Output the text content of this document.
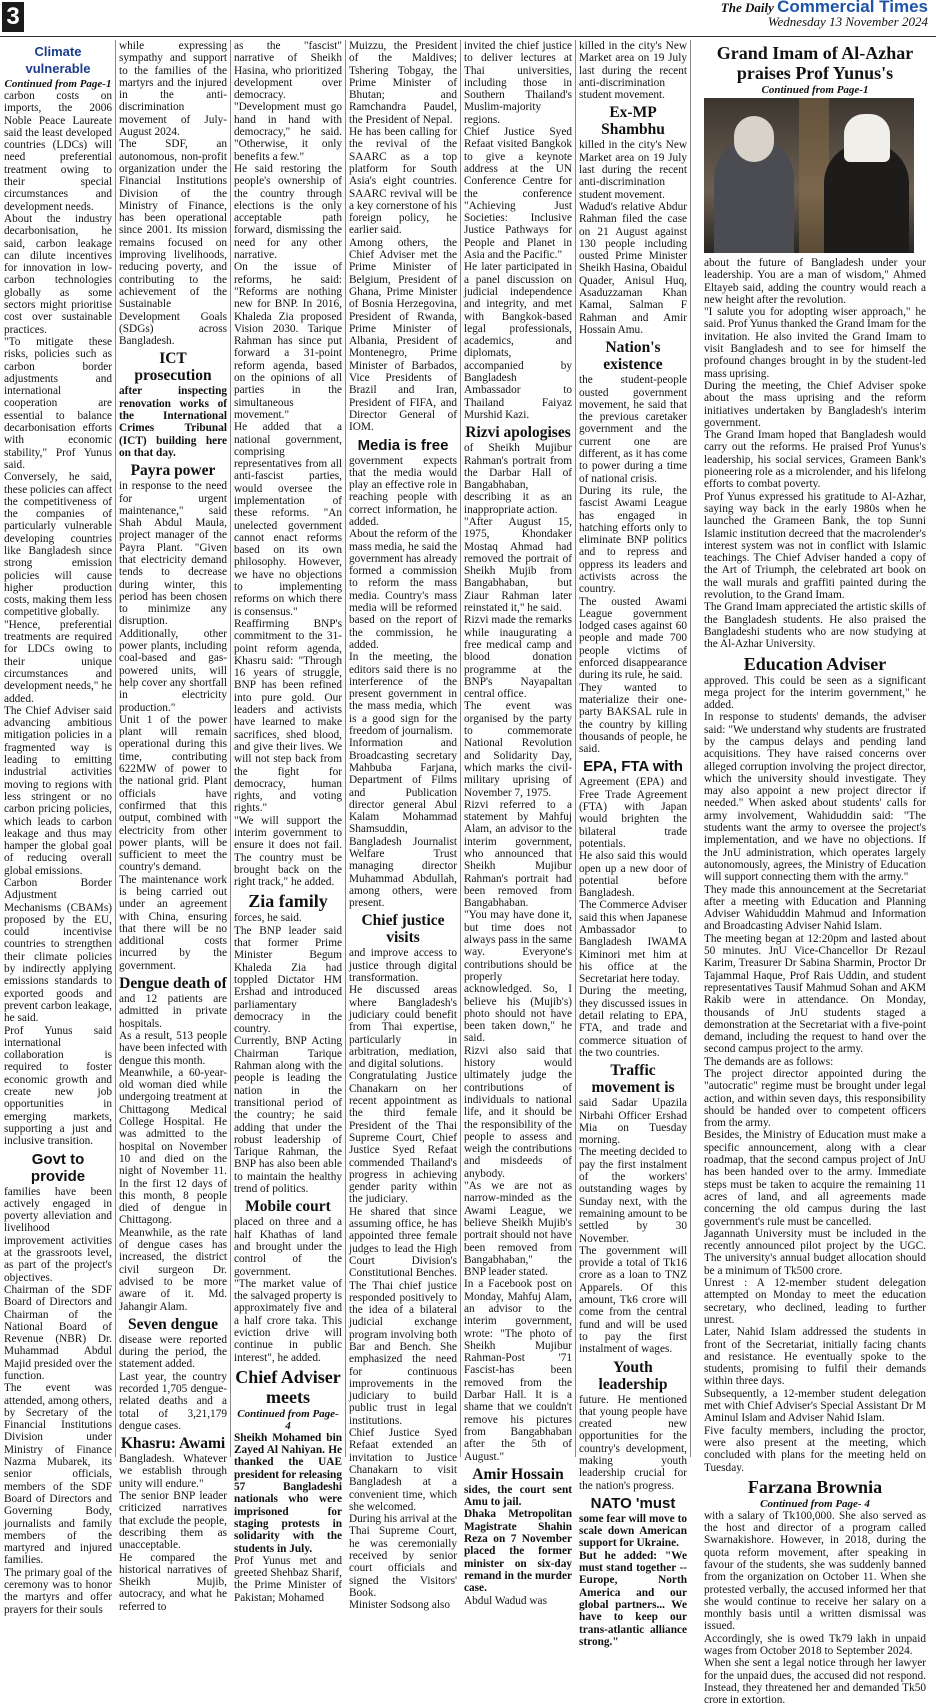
3	The Daily Commercial Times
Wednesday 13 November 2024
Climate vulnerable
Continued from Page-1

carbon costs on imports, the 2006 Noble Peace Laureate said the least developed countries (LDCs) will need preferential treatment owing to their special circumstances and development needs.

About the industry decarbonisation, he said, carbon leakage can dilute incentives for innovation in low-carbon technologies globally as some sectors might prioritise cost over sustainable practices.

"To mitigate these risks, policies such as carbon border adjustments and international cooperation are essential to balance decarbonisation efforts with economic stability," Prof Yunus said.

Conversely, he said, these policies can affect the competitiveness of the companies of particularly vulnerable developing countries like Bangladesh since strong emission policies will cause higher production costs, making them less competitive globally.

"Hence, preferential treatments are required for LDCs owing to their unique circumstances and development needs," he added.

The Chief Adviser said advancing ambitious mitigation policies in a fragmented way is leading to emitting industrial activities moving to regions with less stringent or no carbon pricing policies, which leads to carbon leakage and thus may hamper the global goal of reducing overall global emissions.

Carbon Border Adjustment Mechanisms (CBAMs) proposed by the EU, could incentivise countries to strengthen their climate policies by indirectly applying emissions standards to exported goods and prevent carbon leakage, he said.

Prof Yunus said international collaboration is required to foster economic growth and create new job opportunities in emerging markets, supporting a just and inclusive transition.

Govt to provide

families have been actively engaged in poverty alleviation and livelihood improvement activities at the grassroots level, as part of the project's objectives.

Chairman of the SDF Board of Directors and Chairman of the National Board of Revenue (NBR) Dr. Muhammad Abdul Majid presided over the function.

The event was attended, among others, by Secretary of the Financial Institutions Division under Ministry of Finance Nazma Mubarek, its senior officials, members of the SDF Board of Directors and Governing Body, journalists and family members of the martyred and injured families.

The primary goal of the ceremony was to honor the martyrs and offer prayers for their souls

while expressing sympathy and support to the families of the martyrs and the injured in the anti-discrimination movement of July-August 2024.

The SDF, an autonomous, non-profit organization under the Financial Institutions Division of the Ministry of Finance, has been operational since 2001. Its mission remains focused on improving livelihoods, reducing poverty, and contributing to the achievement of the Sustainable Development Goals (SDGs) across Bangladesh.

ICT prosecution

after inspecting renovation works of the International Crimes Tribunal (ICT) building here on that day.

Payra power

in response to the need for urgent maintenance," said Shah Abdul Maula, project manager of the Payra Plant. "Given that electricity demand tends to decrease during winter, this period has been chosen to minimize any disruption. Additionally, other power plants, including coal-based and gas-powered units, will help cover any shortfall in electricity production."

Unit 1 of the power plant will remain operational during this time, contributing 622MW of power to the national grid. Plant officials have confirmed that this output, combined with electricity from other power plants, will be sufficient to meet the country's demand.

The maintenance work is being carried out under an agreement with China, ensuring that there will be no additional costs incurred by the government.

Dengue death of

and 12 patients are admitted in private hospitals.

As a result, 513 people have been infected with dengue this month.

Meanwhile, a 60-year-old woman died while undergoing treatment at Chittagong Medical College Hospital. He was admitted to the hospital on November 10 and died on the night of November 11. In the first 12 days of this month, 8 people died of dengue in Chittagong.

Meanwhile, as the rate of dengue cases has increased, the district civil surgeon Dr. advised to be more aware of it. Md. Jahangir Alam.

Seven dengue

disease were reported during the period, the statement added.

Last year, the country recorded 1,705 dengue-related deaths and a total of 3,21,179 dengue cases.

Khasru: Awami

Bangladesh. Whatever we establish through unity will endure."

The senior BNP leader criticized narratives that exclude the people, describing them as unacceptable.

He compared the historical narratives of Sheikh Mujib, autocracy, and what he referred to

as the "fascist" narrative of Sheikh Hasina, who prioritized development over democracy. "Development must go hand in hand with democracy," he said. "Otherwise, it only benefits a few."

He said restoring the people's ownership of the country through elections is the only acceptable path forward, dismissing the need for any other narrative.

On the issue of reforms, he said: "Reforms are nothing new for BNP. In 2016, Khaleda Zia proposed Vision 2030. Tarique Rahman has since put forward a 31-point reform agenda, based on the opinions of all parties in the simultaneous movement."

He added that a national government, comprising representatives from all anti-fascist parties, would oversee the implementation of these reforms. "An unelected government cannot enact reforms based on its own philosophy. However, we have no objections to implementing reforms on which there is consensus."

Reaffirming BNP's commitment to the 31-point reform agenda, Khasru said: "Through 16 years of struggle, BNP has been refined into pure gold. Our leaders and activists have learned to make sacrifices, shed blood, and give their lives. We will not step back from the fight for democracy, human rights, and voting rights."

"We will support the interim government to ensure it does not fail. The country must be brought back on the right track," he added.

Zia family

forces, he said.

The BNP leader said that former Prime Minister Begum Khaleda Zia had toppled Dictator HM Ershad and introduced parliamentary democracy in the country.

Currently, BNP Acting Chairman Tarique Rahman along with the people is leading the nation in the transitional period of the country; he said adding that under the robust leadership of Tarique Rahman, the BNP has also been able to maintain the healthy trend of politics.

Mobile court

placed on three and a half Khathas of land and brought under the control of the government.

"The market value of the salvaged property is approximately five and a half crore taka. This eviction drive will continue in public interest", he added.

Chief Adviser meets
Continued from Page- 4

Sheikh Mohamed bin Zayed Al Nahiyan. He thanked the UAE president for releasing 57 Bangladeshi nationals who were imprisoned for staging protests in solidarity with the students in July.

Prof Yunus met and greeted Shehbaz Sharif, the Prime Minister of Pakistan; Mohamed

Muizzu, the President of the Maldives; Tshering Tobgay, the Prime Minister of Bhutan; and Ramchandra Paudel, the President of Nepal.

He has been calling for the revival of the SAARC as a top platform for South Asia's eight countries. SAARC revival will be a key cornerstone of his foreign policy, he earlier said.

Among others, the Chief Adviser met the Prime Minister of Belgium, President of Ghana, Prime Minister of Bosnia Herzegovina, President of Rwanda, Prime Minister of Albania, President of Montenegro, Prime Minister of Barbados, Vice Presidents of Brazil and Iran, President of FIFA, and Director General of IOM.

Media is free

government expects that the media would play an effective role in reaching people with correct information, he added.

About the reform of the mass media, he said the government has already formed a commission to reform the mass media. Country's mass media will be reformed based on the report of the commission, he added.

In the meeting, the editors said there is no interference of the present government in the mass media, which is a good sign for the freedom of journalism.

Information and Broadcasting secretary Mahbuba Farjana, Department of Films and Publication director general Abul Kalam Mohammad Shamsuddin, Bangladesh Journalist Welfare Trust managing director Muhammad Abdullah, among others, were present.

Chief justice visits

and improve access to justice through digital transformation.

He discussed areas where Bangladesh's judiciary could benefit from Thai expertise, particularly in arbitration, mediation, and digital solutions.

Congratulating Justice Chanakarn on her recent appointment as the third female President of the Thai Supreme Court, Chief Justice Syed Refaat commended Thailand's progress in achieving gender parity within the judiciary.

He shared that since assuming office, he has appointed three female judges to lead the High Court Division's Constitutional Benches.

The Thai chief justice responded positively to the idea of a bilateral judicial exchange program involving both Bar and Bench. She emphasized the need for continuous improvements in the judiciary to build public trust in legal institutions.

Chief Justice Syed Refaat extended an invitation to Justice Chanakarn to visit Bangladesh at a convenient time, which she welcomed.

During his arrival at the Thai Supreme Court, he was ceremonially received by senior court officials and signed the Visitors' Book.

Minister Sodsong also

invited the chief justice to deliver lectures at Thai universities, including those in Southern Thailand's Muslim-majority regions.

Chief Justice Syed Refaat visited Bangkok to give a keynote address at the UN Conference Centre for the conference "Achieving Just Societies: Inclusive Justice Pathways for People and Planet in Asia and the Pacific."

He later participated in a panel discussion on judicial independence and integrity, and met with Bangkok-based legal professionals, academics, and diplomats, accompanied by Bangladesh Ambassador to Thailand Faiyaz Murshid Kazi.

Rizvi apologises

of Sheikh Mujibur Rahman's portrait from the Darbar Hall of Bangabhaban, describing it as an inappropriate action.

"After August 15, 1975, Khondaker Mostaq Ahmad had removed the portrait of Sheikh Mujib from Bangabhaban, but Ziaur Rahman later reinstated it," he said.

Rizvi made the remarks while inaugurating a free medical camp and blood donation programme at the BNP's Nayapaltan central office.

The event was organised by the party to commemorate National Revolution and Solidarity Day, which marks the civil-military uprising of November 7, 1975.

Rizvi referred to a statement by Mahfuj Alam, an advisor to the interim government, who announced that Sheikh Mujibur Rahman's portrait had been removed from Bangabhaban.

"You may have done it, but time does not always pass in the same way. Everyone's contributions should be properly acknowledged. So, I believe his (Mujib's) photo should not have been taken down," he said.

Rizvi also said that history would ultimately judge the contributions of individuals to national life, and it should be the responsibility of the people to assess and weigh the contributions and misdeeds of anybody.

"As we are not as narrow-minded as the Awami League, we believe Sheikh Mujib's portrait should not have been removed from Bangabhaban," the BNP leader stated.

In a Facebook post on Monday, Mahfuj Alam, an advisor to the interim government, wrote: "The photo of Sheikh Mujibur Rahman-Post '71 Fascist-has been removed from the Darbar Hall. It is a shame that we couldn't remove his pictures from Bangabhaban after the 5th of August."

Amir Hossain

sides, the court sent Amu to jail.

Dhaka Metropolitan Magistrate Shahin Reza on 7 November placed the former minister on six-day remand in the murder case.

Abdul Wadud was

killed in the city's New Market area on 19 July last during the recent anti-discrimination student movement.

Ex-MP Shambhu

killed in the city's New Market area on 19 July last during the recent anti-discrimination student movement.

Wadud's relative Abdur Rahman filed the case on 21 August against 130 people including ousted Prime Minister Sheikh Hasina, Obaidul Quader, Anisul Huq, Asaduzzaman Khan Kamal, Salman F Rahman and Amir Hossain Amu.

Nation's existence

the student-people ousted government movement, he said that the previous caretaker government and the current one are different, as it has come to power during a time of national crisis.

During its rule, the fascist Awami League has engaged in hatching efforts only to eliminate BNP politics and to repress and oppress its leaders and activists across the country.

The ousted Awami League government lodged cases against 60 people and made 700 people victims of enforced disappearance during its rule, he said.

They wanted to materialize their one-party BAKSAL rule in the country by killing thousands of people, he said.

EPA, FTA with

Agreement (EPA) and Free Trade Agreement (FTA) with Japan would brighten the bilateral trade potentials.

He also said this would open up a new door of potential before Bangladesh.

The Commerce Adviser said this when Japanese Ambassador to Bangladesh IWAMA Kiminori met him at his office at the Secretariat here today.

During the meeting, they discussed issues in detail relating to EPA, FTA, and trade and commerce situation of the two countries.

Traffic movement is

said Sadar Upazila Nirbahi Officer Ershad Mia on Tuesday morning.

The meeting decided to pay the first instalment of the workers' outstanding wages by Sunday next, with the remaining amount to be settled by 30 November.

The government will provide a total of Tk16 crore as a loan to TNZ Apparels. Of this amount, Tk6 crore will come from the central fund and will be used to pay the first instalment of wages.

Youth leadership

future. He mentioned that young people have created new opportunities for the country's development, making youth leadership crucial for the nation's progress.

NATO 'must

some fear will move to scale down American support for Ukraine.

But he added: "We must stand together -- Europe, North America and our global partners... We have to keep our trans-atlantic alliance strong."

Grand Imam of Al-Azhar praises Prof Yunus's
Continued from Page-1

about the future of Bangladesh under your leadership. You are a man of wisdom," Ahmed Eltayeb said, adding the country would reach a new height after the revolution.

"I salute you for adopting wiser approach," he said. Prof Yunus thanked the Grand Imam for the invitation. He also invited the Grand Imam to visit Bangladesh and to see for himself the profound changes brought in by the student-led mass uprising.

During the meeting, the Chief Adviser spoke about the mass uprising and the reform initiatives undertaken by Bangladesh's interim government.

The Grand Imam hoped that Bangladesh would carry out the reforms. He praised Prof Yunus's leadership, his social services, Grameen Bank's pioneering role as a microlender, and his lifelong efforts to combat poverty.

Prof Yunus expressed his gratitude to Al-Azhar, saying way back in the early 1980s when he launched the Grameen Bank, the top Sunni Islamic institution decreed that the macrolender's interest system was not in conflict with Islamic teachings. The Chief Adviser handed a copy of the Art of Triumph, the celebrated art book on the wall murals and graffiti painted during the revolution, to the Grand Imam.

The Grand Imam appreciated the artistic skills of the Bangladesh students. He also praised the Bangladeshi students who are now studying at the Al-Azhar University.

Education Adviser

approved. This could be seen as a significant mega project for the interim government," he added.

In response to students' demands, the adviser said: "We understand why students are frustrated by the campus delays and pending land acquisitions. They have raised concerns over alleged corruption involving the project director, which the university should investigate. They may also appoint a new project director if needed." When asked about students' calls for army involvement, Wahiduddin said: "The students want the army to oversee the project's implementation, and we have no objections. If the JnU administration, which operates largely autonomously, agrees, the Ministry of Education will support connecting them with the army."

They made this announcement at the Secretariat after a meeting with Education and Planning Adviser Wahiduddin Mahmud and Information and Broadcasting Adviser Nahid Islam.

The meeting began at 12:20pm and lasted about 50 minutes. JnU Vice-Chancellor Dr Rezaul Karim, Treasurer Dr Sabina Sharmin, Proctor Dr Tajammal Haque, Prof Rais Uddin, and student representatives Tausif Mahmud Sohan and AKM Rakib were in attendance. On Monday, thousands of JnU students staged a demonstration at the Secretariat with a five-point demand, including the request to hand over the second campus project to the army.

The demands are as follows:

The project director appointed during the "autocratic" regime must be brought under legal action, and within seven days, this responsibility should be handed over to competent officers from the army.

Besides, the Ministry of Education must make a specific announcement, along with a clear roadmap, that the second campus project of JnU has been handed over to the army. Immediate steps must be taken to acquire the remaining 11 acres of land, and all agreements made concerning the old campus during the last government's rule must be cancelled.

Jagannath University must be included in the recently announced pilot project by the UGC. The university's annual budget allocation should be a minimum of Tk500 crore.

Unrest : A 12-member student delegation attempted on Monday to meet the education secretary, who declined, leading to further unrest.

Later, Nahid Islam addressed the students in front of the Secretariat, initially facing chants and resistance. He eventually spoke to the students, promising to fulfil their demands within three days.

Subsequently, a 12-member student delegation met with Chief Adviser's Special Assistant Dr M Aminul Islam and Adviser Nahid Islam.

Five faculty members, including the proctor, were also present at the meeting, which concluded with plans for the meeting held on Tuesday.

Farzana Brownia
Continued from Page- 4

with a salary of Tk100,000. She also served as the host and director of a program called Swarnakishore. However, in 2018, during the quota reform movement, after speaking in favour of the students, she was suddenly banned from the organization on October 11. When she protested verbally, the accused informed her that she would continue to receive her salary on a monthly basis until a written dismissal was issued.

Accordingly, she is owed Tk79 lakh in unpaid wages from October 2018 to September 2024.

When she sent a legal notice through her lawyer for the unpaid dues, the accused did not respond. Instead, they threatened her and demanded Tk50 crore in extortion.
